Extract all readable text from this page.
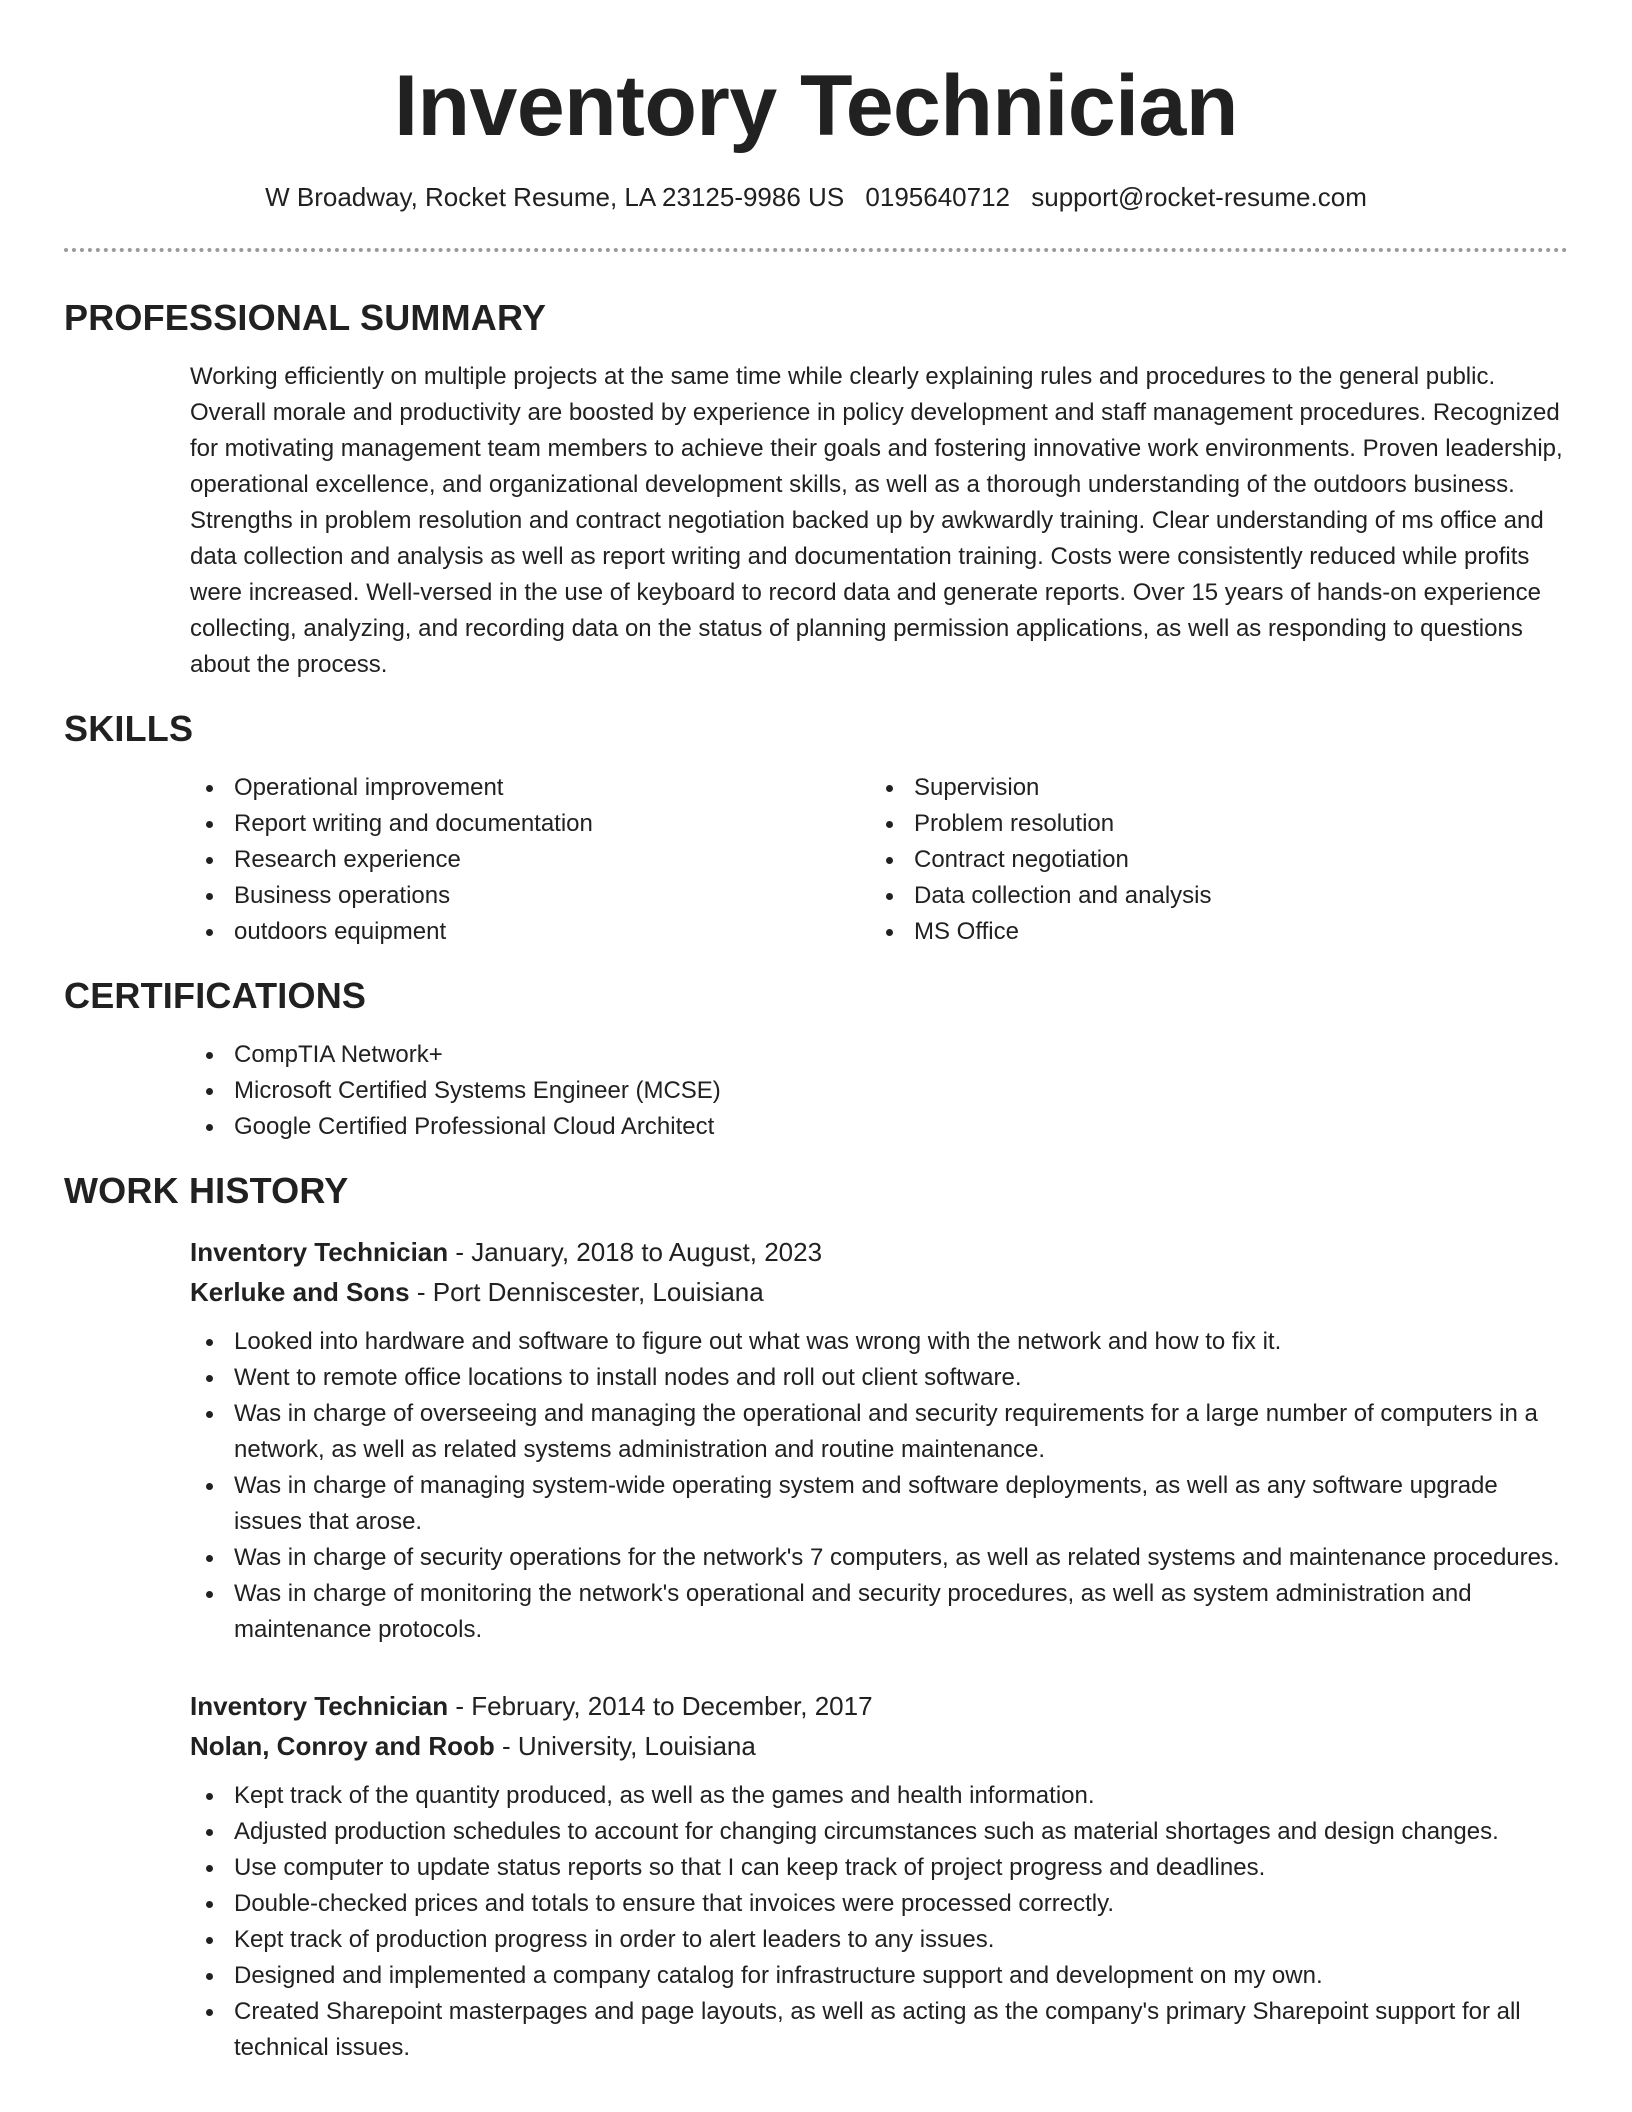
Inventory Technician
W Broadway, Rocket Resume, LA 23125-9986 US 0195640712 support@rocket-resume.com
PROFESSIONAL SUMMARY

Working efficiently on multiple projects at the same time while clearly explaining rules and procedures to the general public. Overall morale and productivity are boosted by experience in policy development and staff management procedures. Recognized for motivating management team members to achieve their goals and fostering innovative work environments. Proven leadership, operational excellence, and organizational development skills, as well as a thorough understanding of the outdoors business. Strengths in problem resolution and contract negotiation backed up by awkwardly training. Clear understanding of ms office and data collection and analysis as well as report writing and documentation training. Costs were consistently reduced while profits were increased. Well-versed in the use of keyboard to record data and generate reports. Over 15 years of hands-on experience collecting, analyzing, and recording data on the status of planning permission applications, as well as responding to questions about the process.

SKILLS
Operational improvement
Report writing and documentation
Research experience
Business operations
outdoors equipment
Supervision
Problem resolution
Contract negotiation
Data collection and analysis
MS Office
CERTIFICATIONS
CompTIA Network+
Microsoft Certified Systems Engineer (MCSE)
Google Certified Professional Cloud Architect
WORK HISTORY
Inventory Technician - January, 2018 to August, 2023
Kerluke and Sons - Port Denniscester, Louisiana
Looked into hardware and software to figure out what was wrong with the network and how to fix it.
Went to remote office locations to install nodes and roll out client software.
Was in charge of overseeing and managing the operational and security requirements for a large number of computers in a network, as well as related systems administration and routine maintenance.
Was in charge of managing system-wide operating system and software deployments, as well as any software upgrade issues that arose.
Was in charge of security operations for the network's 7 computers, as well as related systems and maintenance procedures.
Was in charge of monitoring the network's operational and security procedures, as well as system administration and maintenance protocols.
Inventory Technician - February, 2014 to December, 2017
Nolan, Conroy and Roob - University, Louisiana
Kept track of the quantity produced, as well as the games and health information.
Adjusted production schedules to account for changing circumstances such as material shortages and design changes.
Use computer to update status reports so that I can keep track of project progress and deadlines.
Double-checked prices and totals to ensure that invoices were processed correctly.
Kept track of production progress in order to alert leaders to any issues.
Designed and implemented a company catalog for infrastructure support and development on my own.
Created Sharepoint masterpages and page layouts, as well as acting as the company's primary Sharepoint support for all technical issues.
